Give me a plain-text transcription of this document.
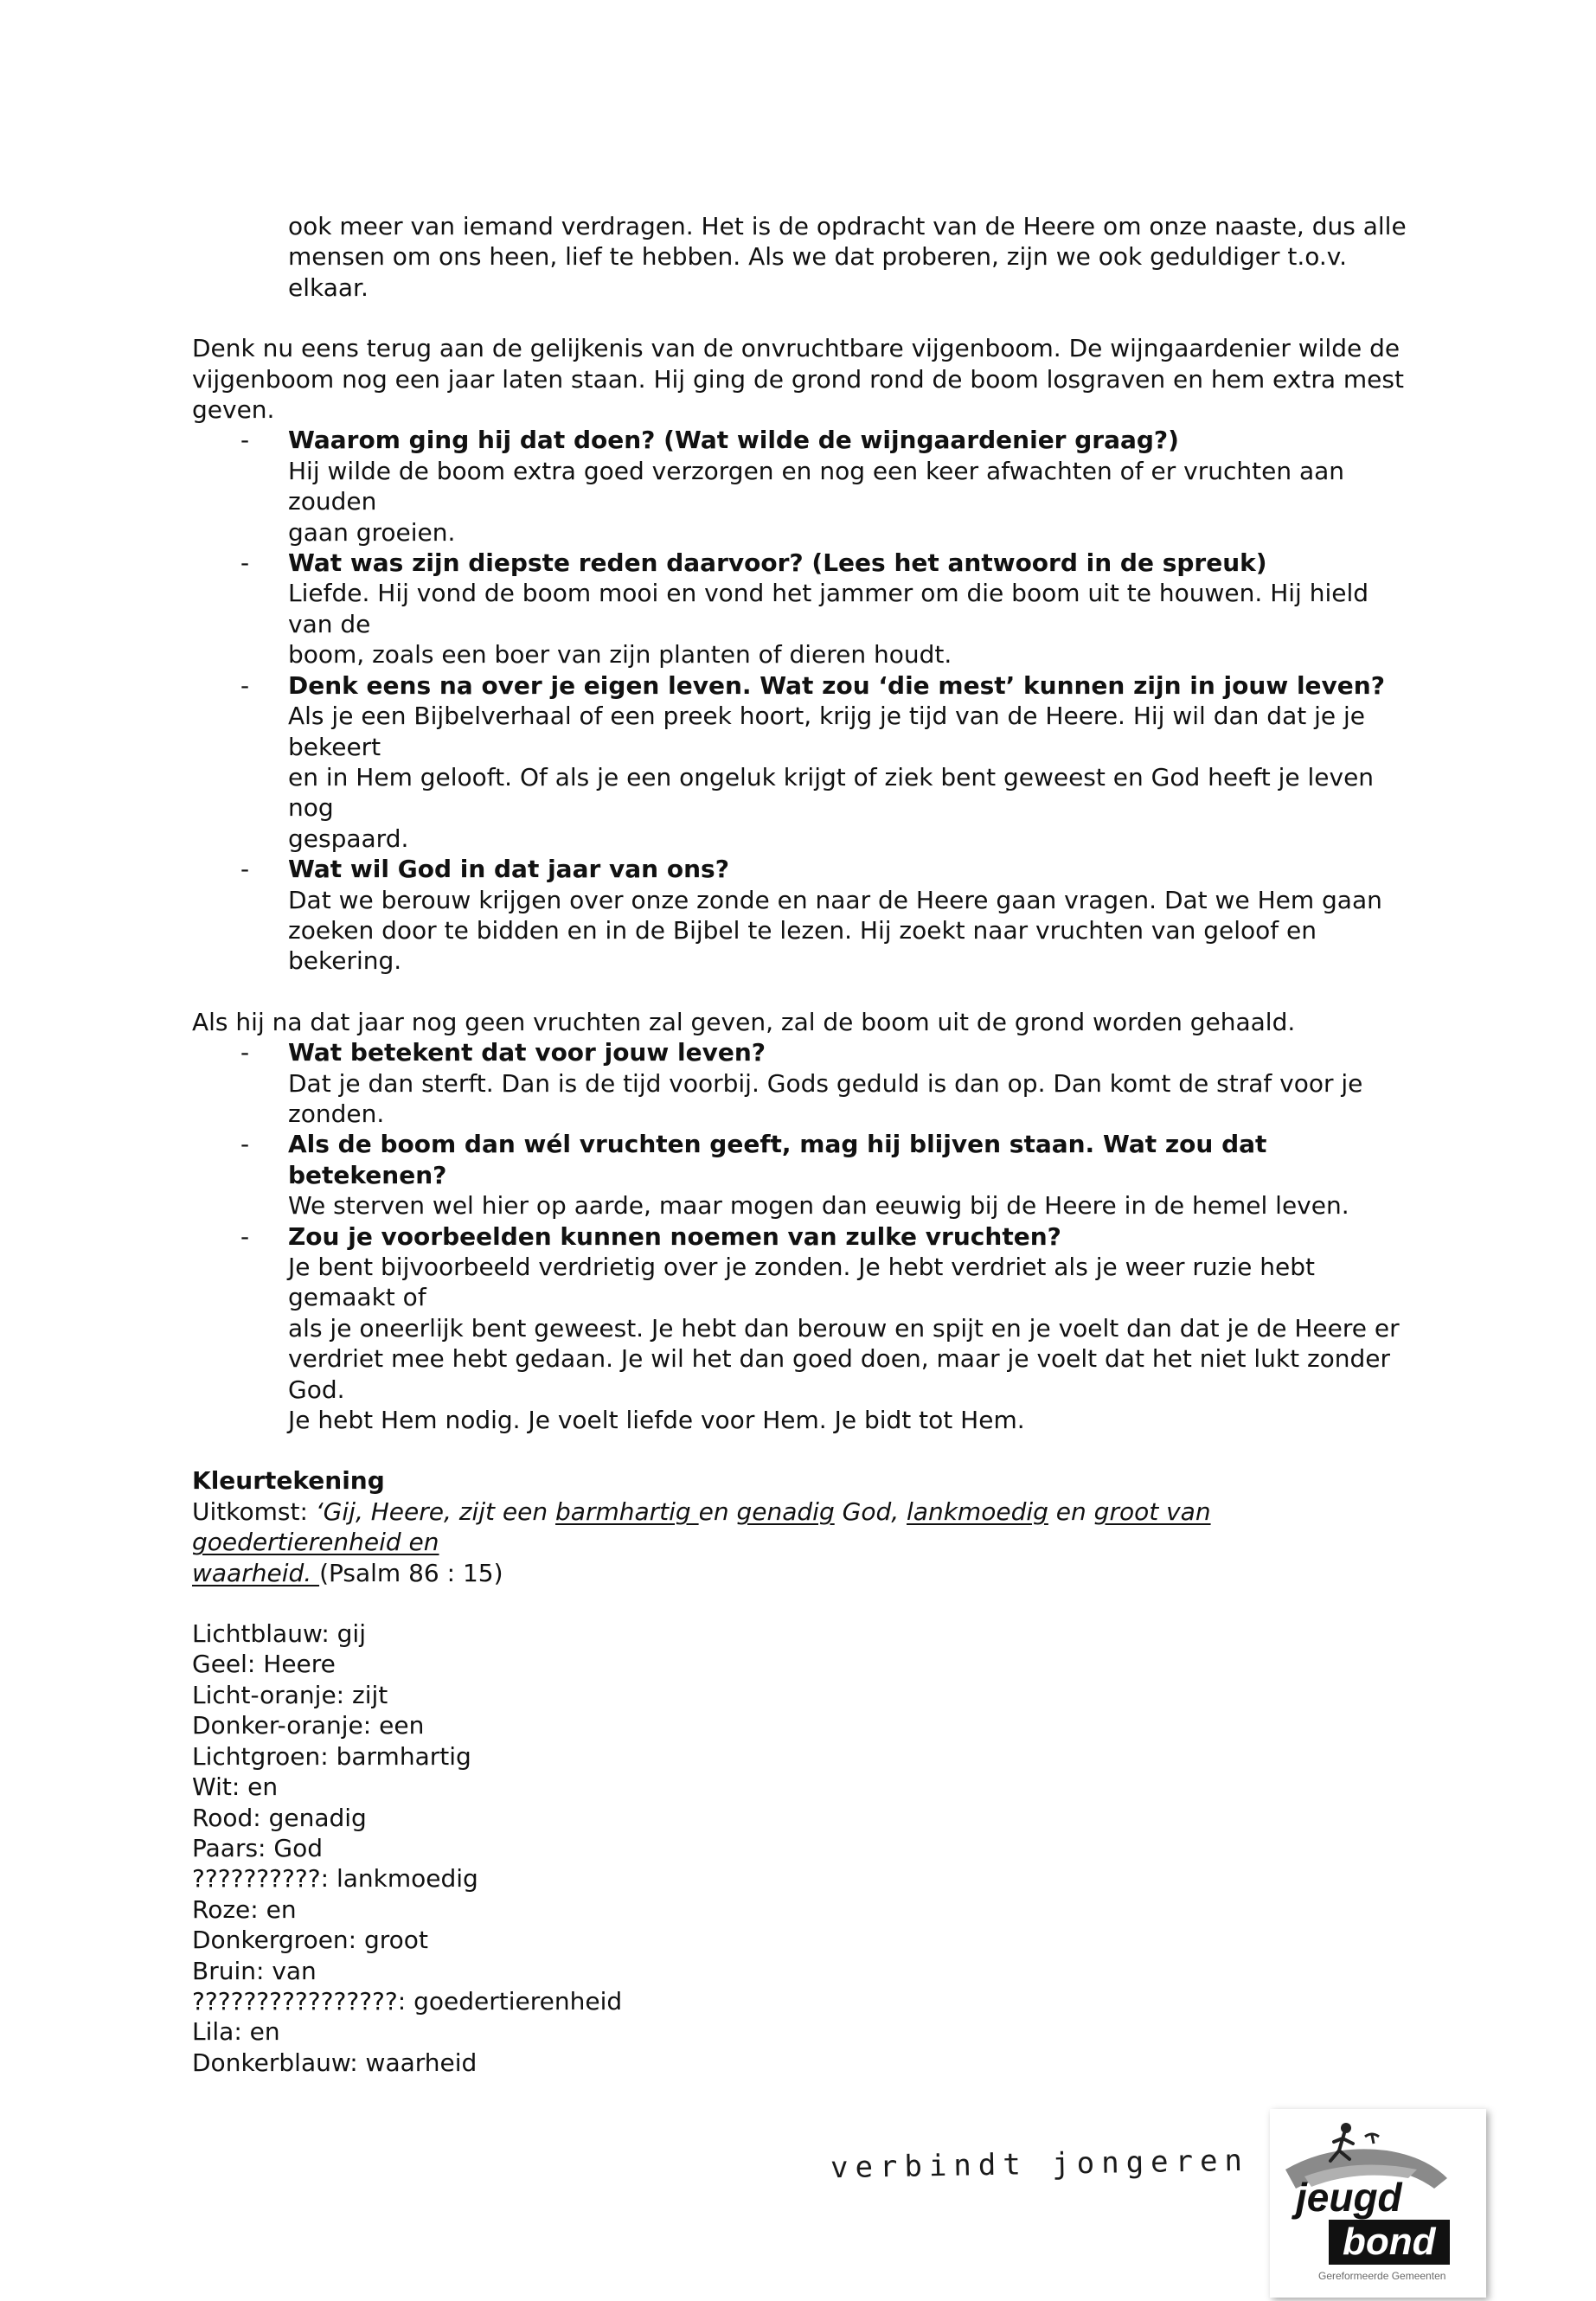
ook meer van iemand verdragen. Het is de opdracht van de Heere om onze naaste, dus alle

mensen om ons heen, lief te hebben. Als we dat proberen, zijn we ook geduldiger t.o.v. elkaar.

Denk nu eens terug aan de gelijkenis van de onvruchtbare vijgenboom. De wijngaardenier wilde de

vijgenboom nog een jaar laten staan. Hij ging de grond rond de boom losgraven en hem extra mest

geven.

- Waarom ging hij dat doen? (Wat wilde de wijngaardenier graag?)

Hij wilde de boom extra goed verzorgen en nog een keer afwachten of er vruchten aan zouden

gaan groeien.

- Wat was zijn diepste reden daarvoor? (Lees het antwoord in de spreuk)

Liefde. Hij vond de boom mooi en vond het jammer om die boom uit te houwen. Hij hield van de

boom, zoals een boer van zijn planten of dieren houdt.

- Denk eens na over je eigen leven. Wat zou ‘die mest’ kunnen zijn in jouw leven?

Als je een Bijbelverhaal of een preek hoort, krijg je tijd van de Heere. Hij wil dan dat je je bekeert

en in Hem gelooft. Of als je een ongeluk krijgt of ziek bent geweest en God heeft je leven nog

gespaard.

- Wat wil God in dat jaar van ons?

Dat we berouw krijgen over onze zonde en naar de Heere gaan vragen. Dat we Hem gaan

zoeken door te bidden en in de Bijbel te lezen. Hij zoekt naar vruchten van geloof en bekering.

Als hij na dat jaar nog geen vruchten zal geven, zal de boom uit de grond worden gehaald.

- Wat betekent dat voor jouw leven?

Dat je dan sterft. Dan is de tijd voorbij. Gods geduld is dan op. Dan komt de straf voor je zonden.

- Als de boom dan wél vruchten geeft, mag hij blijven staan. Wat zou dat betekenen?

We sterven wel hier op aarde, maar mogen dan eeuwig bij de Heere in de hemel leven.

- Zou je voorbeelden kunnen noemen van zulke vruchten?

Je bent bijvoorbeeld verdrietig over je zonden. Je hebt verdriet als je weer ruzie hebt gemaakt of

als je oneerlijk bent geweest. Je hebt dan berouw en spijt en je voelt dan dat je de Heere er

verdriet mee hebt gedaan. Je wil het dan goed doen, maar je voelt dat het niet lukt zonder God.

Je hebt Hem nodig. Je voelt liefde voor Hem. Je bidt tot Hem.

Kleurtekening

Uitkomst: ‘Gij, Heere, zijt een barmhartig en genadig God, lankmoedig en groot van goedertierenheid en

waarheid. (Psalm 86 : 15)

Lichtblauw: gij

Geel: Heere

Licht-oranje: zijt

Donker-oranje: een

Lichtgroen: barmhartig

Wit: en

Rood: genadig

Paars: God

??????????: lankmoedig

Roze: en

Donkergroen: groot

Bruin: van

????????????????: goedertierenheid

Lila: en

Donkerblauw: waarheid

verbindt jongeren
jeugd
bond
Gereformeerde Gemeenten
